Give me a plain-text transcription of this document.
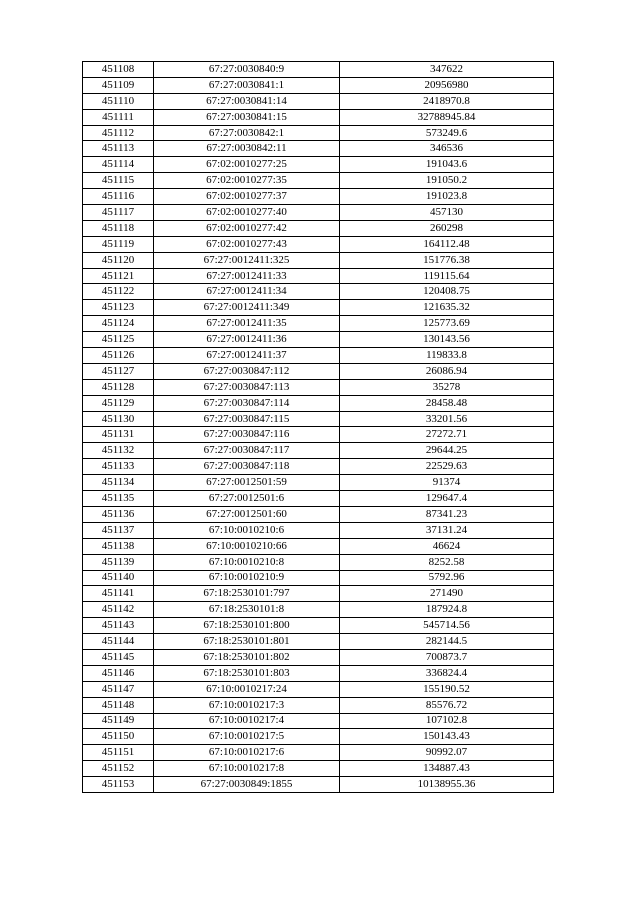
451108	67:27:0030840:9	347622
451109	67:27:0030841:1	20956980
451110	67:27:0030841:14	2418970.8
451111	67:27:0030841:15	32788945.84
451112	67:27:0030842:1	573249.6
451113	67:27:0030842:11	346536
451114	67:02:0010277:25	191043.6
451115	67:02:0010277:35	191050.2
451116	67:02:0010277:37	191023.8
451117	67:02:0010277:40	457130
451118	67:02:0010277:42	260298
451119	67:02:0010277:43	164112.48
451120	67:27:0012411:325	151776.38
451121	67:27:0012411:33	119115.64
451122	67:27:0012411:34	120408.75
451123	67:27:0012411:349	121635.32
451124	67:27:0012411:35	125773.69
451125	67:27:0012411:36	130143.56
451126	67:27:0012411:37	119833.8
451127	67:27:0030847:112	26086.94
451128	67:27:0030847:113	35278
451129	67:27:0030847:114	28458.48
451130	67:27:0030847:115	33201.56
451131	67:27:0030847:116	27272.71
451132	67:27:0030847:117	29644.25
451133	67:27:0030847:118	22529.63
451134	67:27:0012501:59	91374
451135	67:27:0012501:6	129647.4
451136	67:27:0012501:60	87341.23
451137	67:10:0010210:6	37131.24
451138	67:10:0010210:66	46624
451139	67:10:0010210:8	8252.58
451140	67:10:0010210:9	5792.96
451141	67:18:2530101:797	271490
451142	67:18:2530101:8	187924.8
451143	67:18:2530101:800	545714.56
451144	67:18:2530101:801	282144.5
451145	67:18:2530101:802	700873.7
451146	67:18:2530101:803	336824.4
451147	67:10:0010217:24	155190.52
451148	67:10:0010217:3	85576.72
451149	67:10:0010217:4	107102.8
451150	67:10:0010217:5	150143.43
451151	67:10:0010217:6	90992.07
451152	67:10:0010217:8	134887.43
451153	67:27:0030849:1855	10138955.36
